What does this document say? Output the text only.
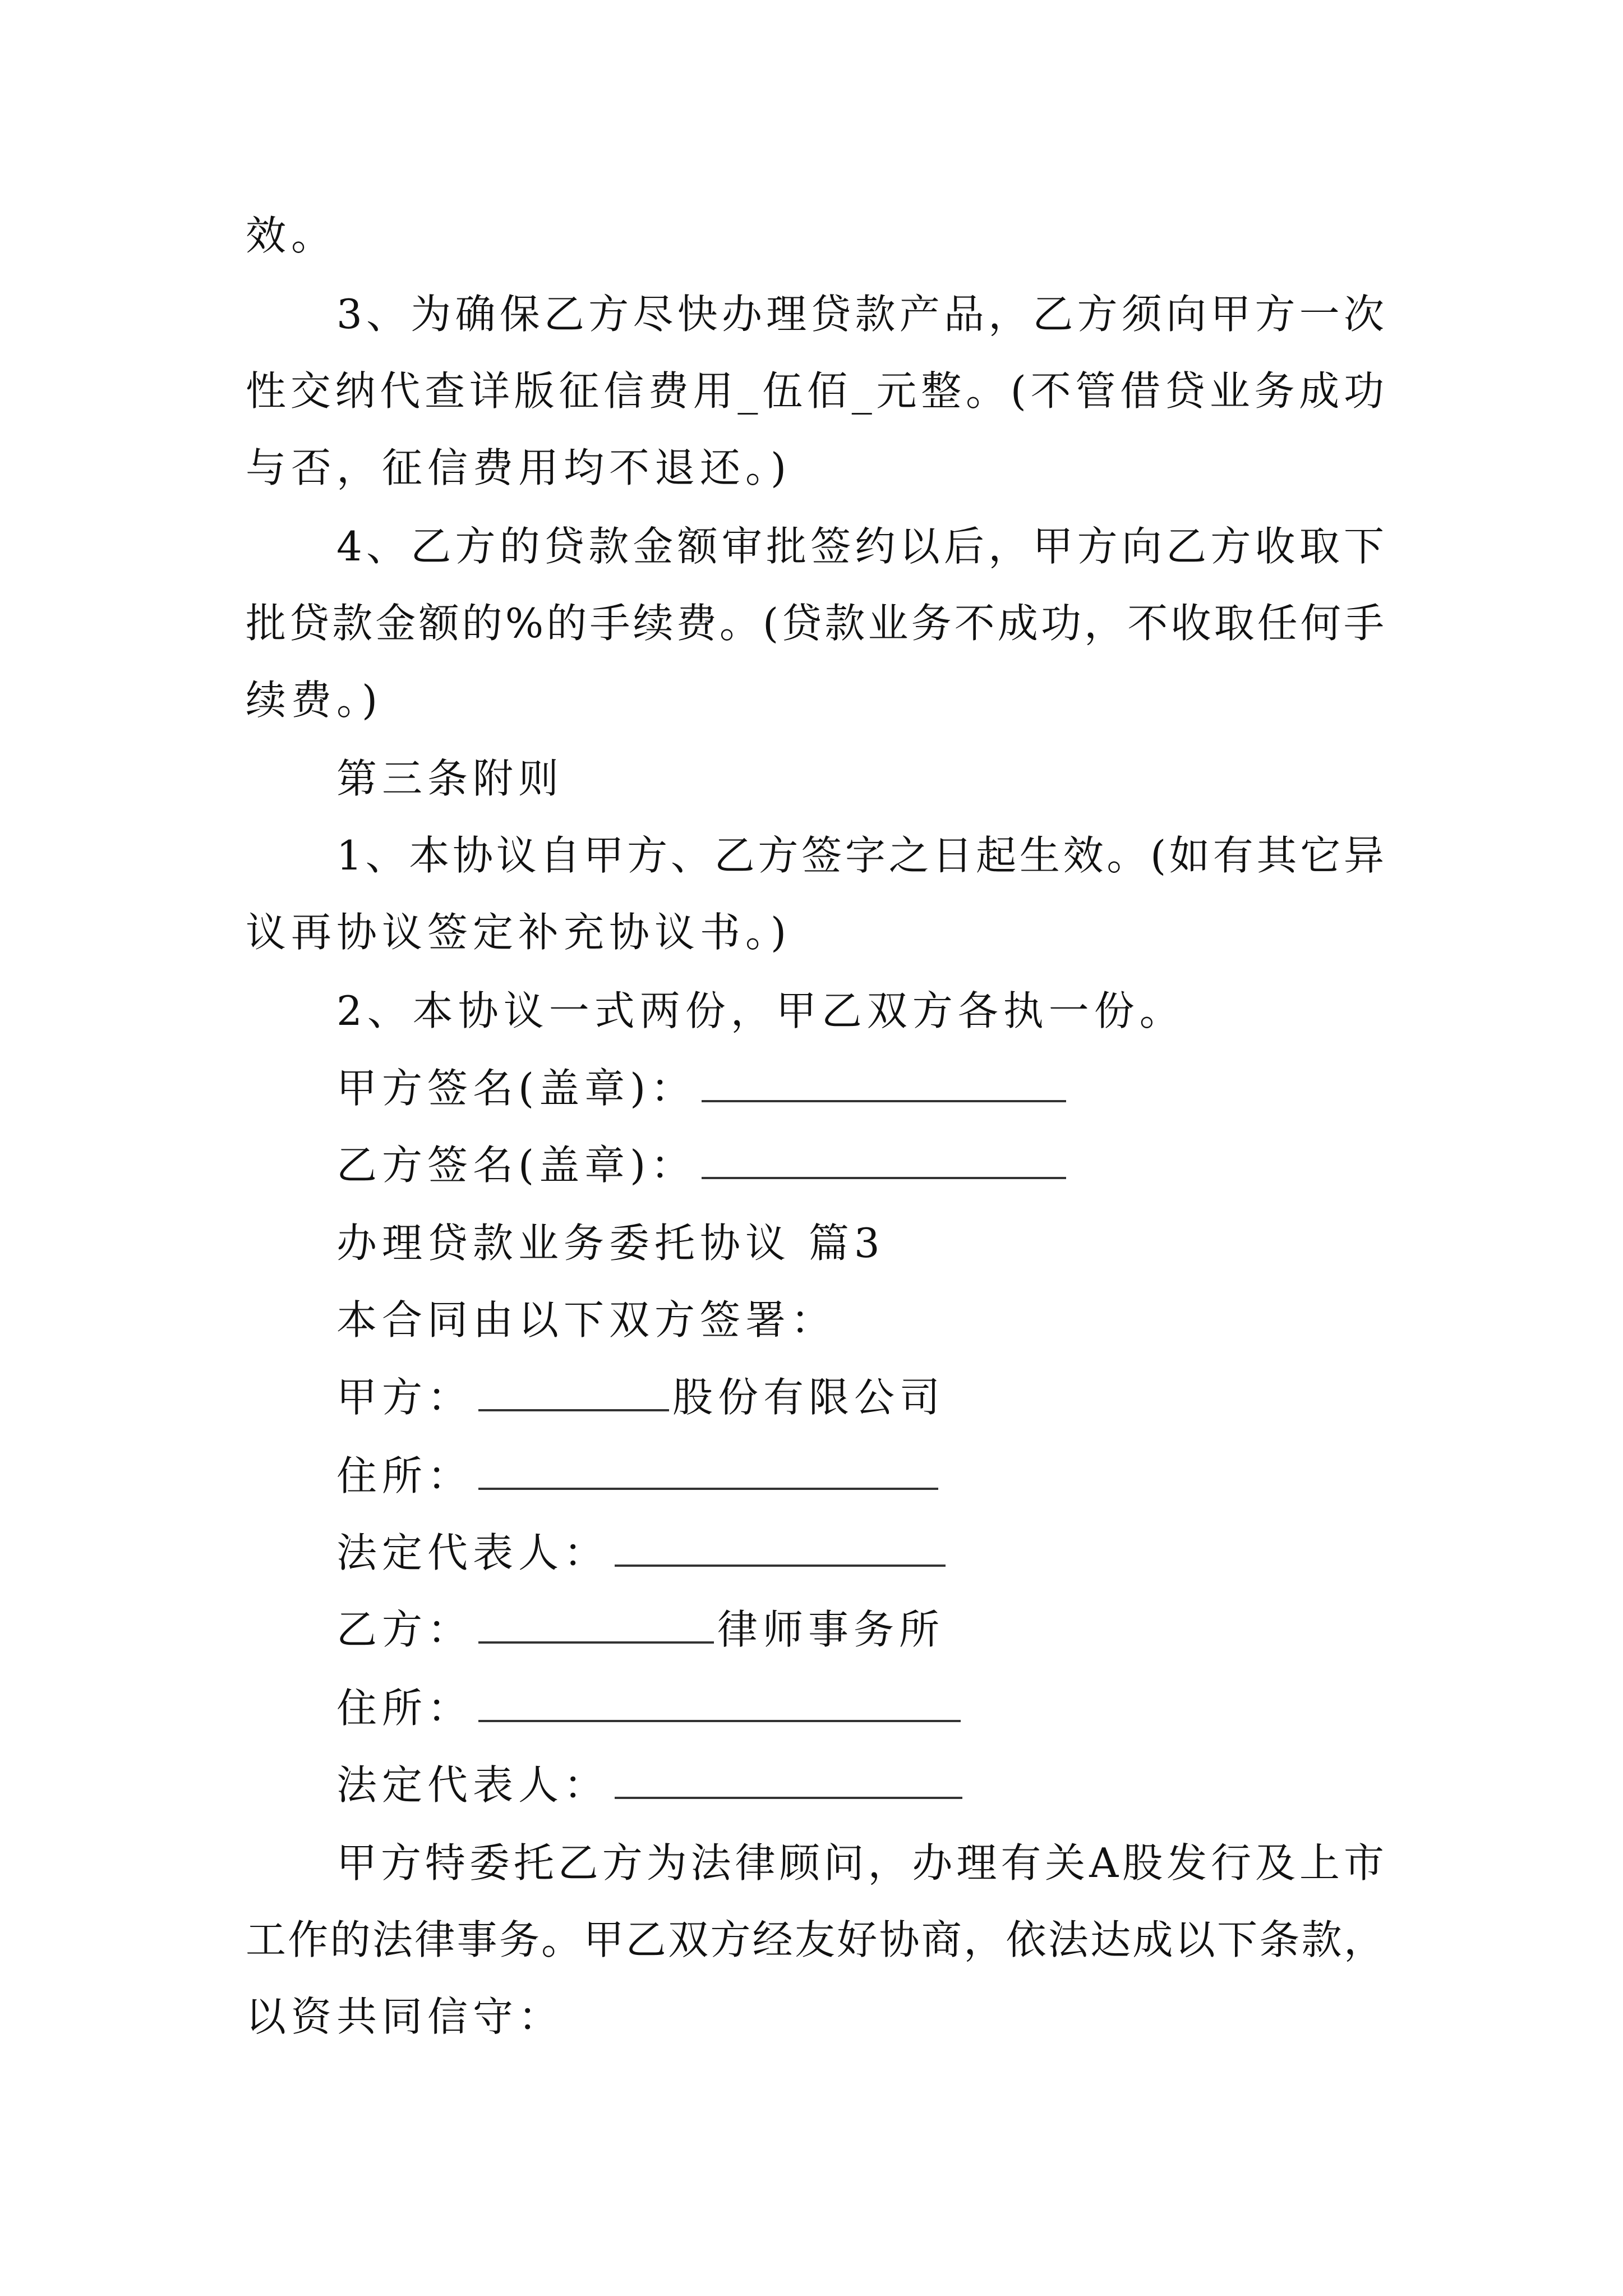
效。
3、为确保乙方尽快办理贷款产品，乙方须向甲方一次
性交纳代查详版征信费用_伍佰_元整。(不管借贷业务成功
与否，征信费用均不退还。)
4、乙方的贷款金额审批签约以后，甲方向乙方收取下
批贷款金额的%的手续费。(贷款业务不成功，不收取任何手
续费。)
第三条附则
1、本协议自甲方、乙方签字之日起生效。(如有其它异
议再协议签定补充协议书。)
2、本协议一式两份，甲乙双方各执一份。
甲方签名(盖章)：
乙方签名(盖章)：
办理贷款业务委托协议 篇3
本合同由以下双方签署：
甲方：	股份有限公司
住所：
法定代表人：
乙方：	律师事务所
住所：
法定代表人：
甲方特委托乙方为法律顾问，办理有关A股发行及上市
工作的法律事务。甲乙双方经友好协商，依法达成以下条款，
以资共同信守：
